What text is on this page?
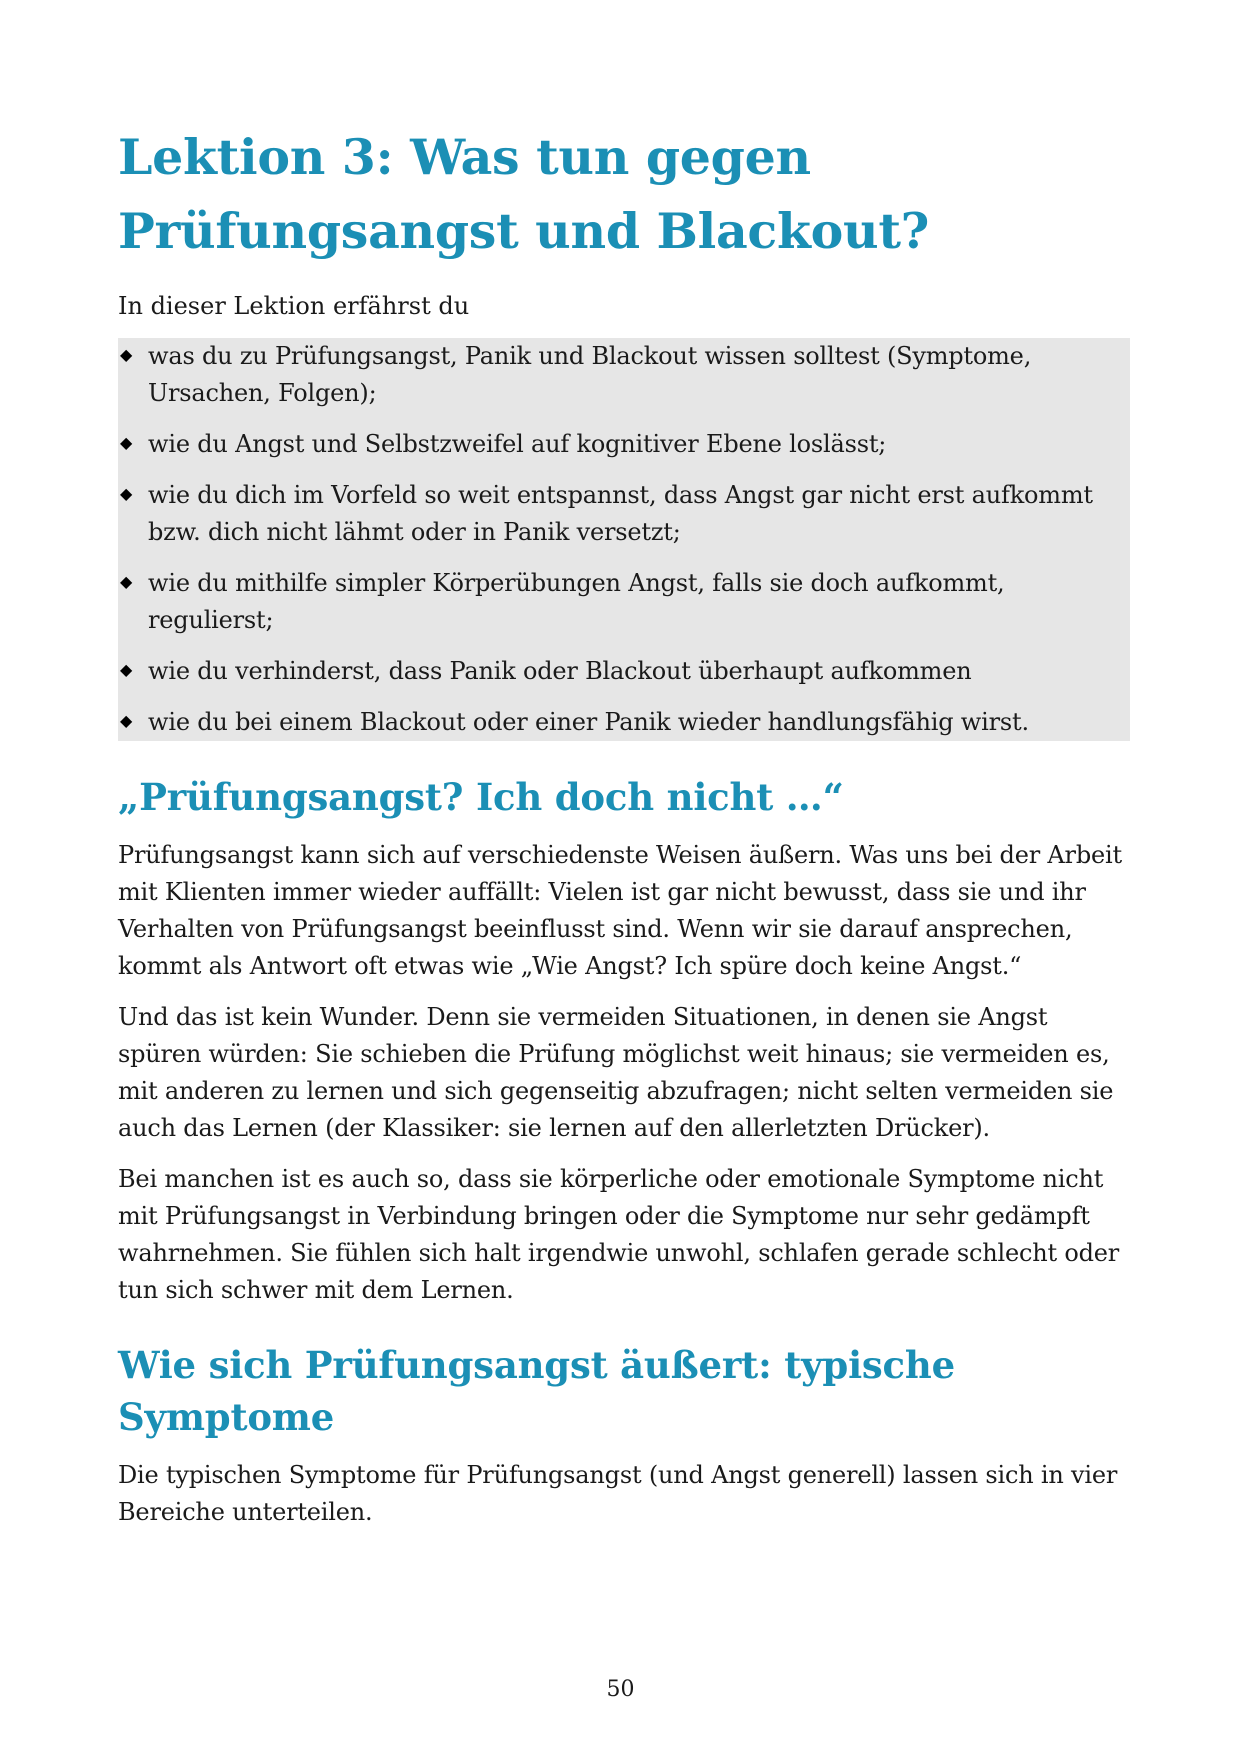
Lektion 3: Was tun gegen
Prüfungsangst und Blackout?

In dieser Lektion erfährst du

◆ was du zu Prüfungsangst, Panik und Blackout wissen solltest (Symptome, Ursachen, Folgen);
◆ wie du Angst und Selbstzweifel auf kognitiver Ebene loslässt;
◆ wie du dich im Vorfeld so weit entspannst, dass Angst gar nicht erst aufkommt bzw. dich nicht lähmt oder in Panik versetzt;
◆ wie du mithilfe simpler Körperübungen Angst, falls sie doch aufkommt, regulierst;
◆ wie du verhinderst, dass Panik oder Blackout überhaupt aufkommen
◆ wie du bei einem Blackout oder einer Panik wieder handlungsfähig wirst.
„Prüfungsangst? Ich doch nicht …“

Prüfungsangst kann sich auf verschiedenste Weisen äußern. Was uns bei der Arbeit mit Klienten immer wieder auffällt: Vielen ist gar nicht bewusst, dass sie und ihr Verhalten von Prüfungsangst beeinflusst sind. Wenn wir sie darauf ansprechen, kommt als Antwort oft etwas wie „Wie Angst? Ich spüre doch keine Angst.“

Und das ist kein Wunder. Denn sie vermeiden Situationen, in denen sie Angst spüren würden: Sie schieben die Prüfung möglichst weit hinaus; sie vermeiden es, mit anderen zu lernen und sich gegenseitig abzufragen; nicht selten vermeiden sie auch das Lernen (der Klassiker: sie lernen auf den allerletzten Drücker).

Bei manchen ist es auch so, dass sie körperliche oder emotionale Symptome nicht mit Prüfungsangst in Verbindung bringen oder die Symptome nur sehr gedämpft wahrnehmen. Sie fühlen sich halt irgendwie unwohl, schlafen gerade schlecht oder tun sich schwer mit dem Lernen.

Wie sich Prüfungsangst äußert: typische Symptome

Die typischen Symptome für Prüfungsangst (und Angst generell) lassen sich in vier Bereiche unterteilen.

50
